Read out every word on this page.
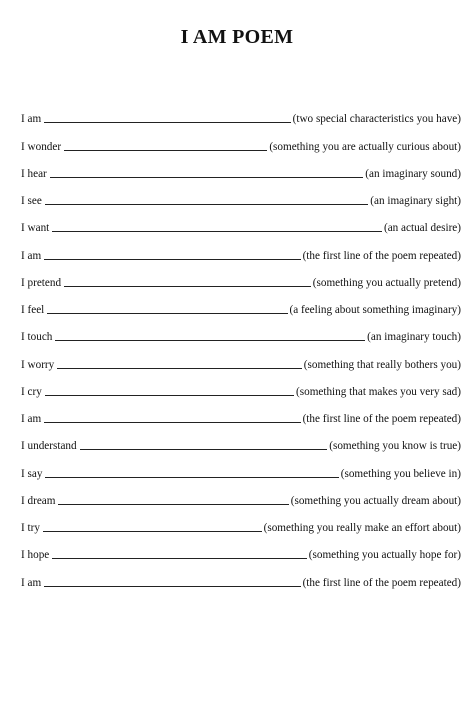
I AM POEM
I am	(two special characteristics you have)
I wonder	(something you are actually curious about)
I hear	(an imaginary sound)
I see	(an imaginary sight)
I want	(an actual desire)
I am	(the first line of the poem repeated)
I pretend	(something you actually pretend)
I feel	(a feeling about something imaginary)
I touch	(an imaginary touch)
I worry	(something that really bothers you)
I cry	(something that makes you very sad)
I am	(the first line of the poem repeated)
I understand	(something you know is true)
I say	(something you believe in)
I dream	(something you actually dream about)
I try	(something you really make an effort about)
I hope	(something you actually hope for)
I am	(the first line of the poem repeated)
